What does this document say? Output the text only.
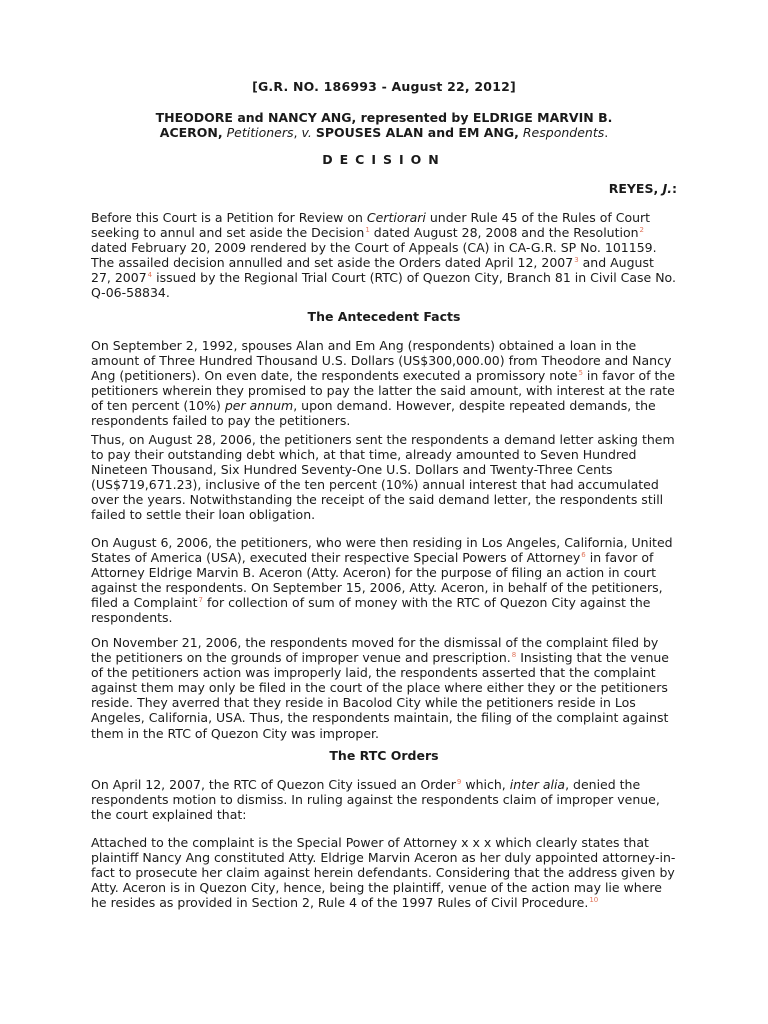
[G.R. NO. 186993 - August 22, 2012]
THEODORE and NANCY ANG, represented by ELDRIGE MARVIN B.
ACERON, Petitioners, v. SPOUSES ALAN and EM ANG, Respondents.
DECISION
REYES, J.:

Before this Court is a Petition for Review on Certiorari under Rule 45 of the Rules of Court seeking to annul and set aside the Decision$^1$ dated August 28, 2008 and the Resolution$^2$ dated February 20, 2009 rendered by the Court of Appeals (CA) in CA-G.R. SP No. 101159. The assailed decision annulled and set aside the Orders dated April 12, 2007$^3$ and August 27, 2007$^4$ issued by the Regional Trial Court (RTC) of Quezon City, Branch 81 in Civil Case No. Q-06-58834.

The Antecedent Facts

On September 2, 1992, spouses Alan and Em Ang (respondents) obtained a loan in the amount of Three Hundred Thousand U.S. Dollars (US$300,000.00) from Theodore and Nancy Ang (petitioners). On even date, the respondents executed a promissory note$^5$ in favor of the petitioners wherein they promised to pay the latter the said amount, with interest at the rate of ten percent (10%) per annum, upon demand. However, despite repeated demands, the respondents failed to pay the petitioners.

Thus, on August 28, 2006, the petitioners sent the respondents a demand letter asking them to pay their outstanding debt which, at that time, already amounted to Seven Hundred Nineteen Thousand, Six Hundred Seventy-One U.S. Dollars and Twenty-Three Cents (US$719,671.23), inclusive of the ten percent (10%) annual interest that had accumulated over the years. Notwithstanding the receipt of the said demand letter, the respondents still failed to settle their loan obligation.

On August 6, 2006, the petitioners, who were then residing in Los Angeles, California, United States of America (USA), executed their respective Special Powers of Attorney$^6$ in favor of Attorney Eldrige Marvin B. Aceron (Atty. Aceron) for the purpose of filing an action in court against the respondents. On September 15, 2006, Atty. Aceron, in behalf of the petitioners, filed a Complaint$^7$ for collection of sum of money with the RTC of Quezon City against the respondents.

On November 21, 2006, the respondents moved for the dismissal of the complaint filed by the petitioners on the grounds of improper venue and prescription.$^8$ Insisting that the venue of the petitioners action was improperly laid, the respondents asserted that the complaint against them may only be filed in the court of the place where either they or the petitioners reside. They averred that they reside in Bacolod City while the petitioners reside in Los Angeles, California, USA. Thus, the respondents maintain, the filing of the complaint against them in the RTC of Quezon City was improper.

The RTC Orders

On April 12, 2007, the RTC of Quezon City issued an Order$^9$ which, inter alia, denied the respondents motion to dismiss. In ruling against the respondents claim of improper venue, the court explained that:

Attached to the complaint is the Special Power of Attorney x x x which clearly states that plaintiff Nancy Ang constituted Atty. Eldrige Marvin Aceron as her duly appointed attorney-in-fact to prosecute her claim against herein defendants. Considering that the address given by Atty. Aceron is in Quezon City, hence, being the plaintiff, venue of the action may lie where he resides as provided in Section 2, Rule 4 of the 1997 Rules of Civil Procedure.$^{10}$
